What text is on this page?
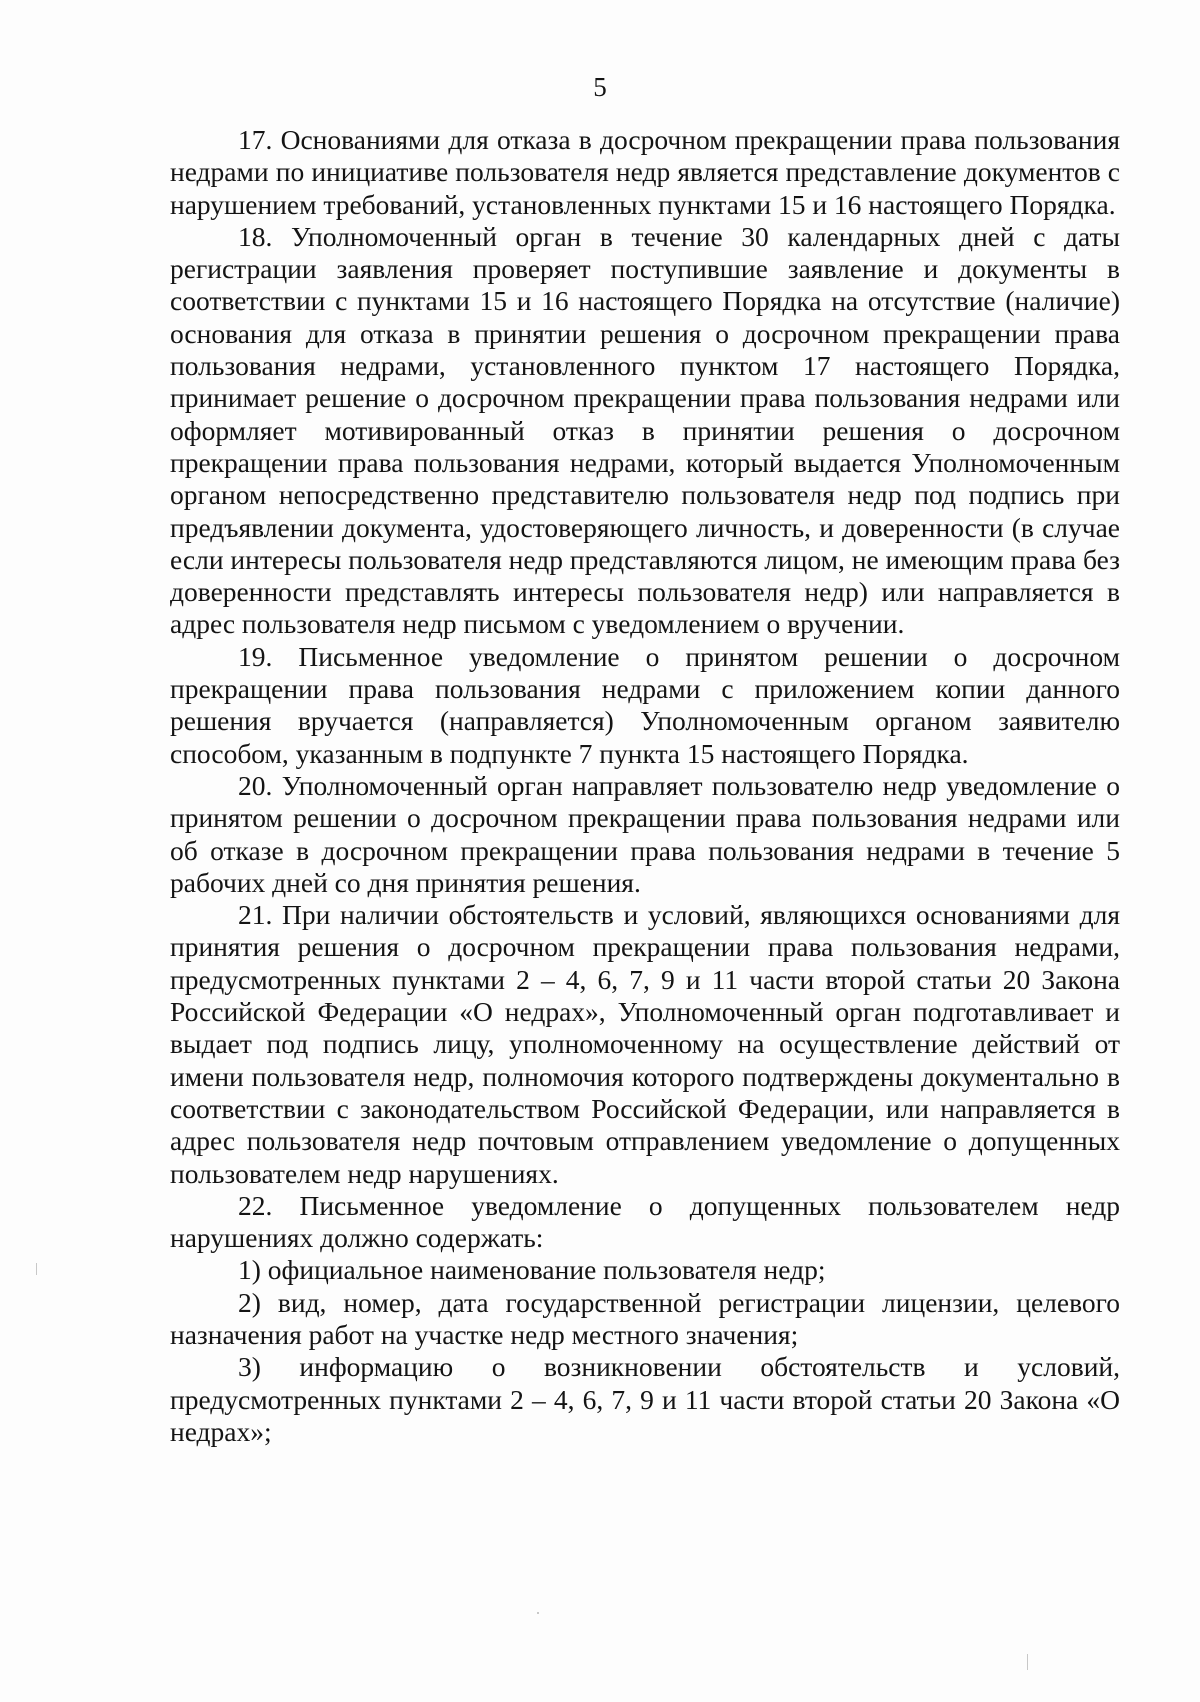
5

17. Основаниями для отказа в досрочном прекращении права пользования недрами по инициативе пользователя недр является представление документов с нарушением требований, установленных пунктами 15 и 16 настоящего Порядка.

18. Уполномоченный орган в течение 30 календарных дней с даты регистрации заявления проверяет поступившие заявление и документы в соответствии с пунктами 15 и 16 настоящего Порядка на отсутствие (наличие) основания для отказа в принятии решения о досрочном прекращении права пользования недрами, установленного пунктом 17 настоящего Порядка, принимает решение о досрочном прекращении права пользования недрами или оформляет мотивированный отказ в принятии решения о досрочном прекращении права пользования недрами, который выдается Уполномоченным органом непосредственно представителю пользователя недр под подпись при предъявлении документа, удостоверяющего личность, и доверенности (в случае если интересы пользователя недр представляются лицом, не имеющим права без доверенности представлять интересы пользователя недр) или направляется в адрес пользователя недр письмом с уведомлением о вручении.

19. Письменное уведомление о принятом решении о досрочном прекращении права пользования недрами с приложением копии данного решения вручается (направляется) Уполномоченным органом заявителю способом, указанным в подпункте 7 пункта 15 настоящего Порядка.

20. Уполномоченный орган направляет пользователю недр уведомление о принятом решении о досрочном прекращении права пользования недрами или об отказе в досрочном прекращении права пользования недрами в течение 5 рабочих дней со дня принятия решения.

21. При наличии обстоятельств и условий, являющихся основаниями для принятия решения о досрочном прекращении права пользования недрами, предусмотренных пунктами 2 – 4, 6, 7, 9 и 11 части второй статьи 20 Закона Российской Федерации «О недрах», Уполномоченный орган подготавливает и выдает под подпись лицу, уполномоченному на осуществление действий от имени пользователя недр, полномочия которого подтверждены документально в соответствии с законодательством Российской Федерации, или направляется в адрес пользователя недр почтовым отправлением уведомление о допущенных пользователем недр нарушениях.

22. Письменное уведомление о допущенных пользователем недр нарушениях должно содержать:

1) официальное наименование пользователя недр;

2) вид, номер, дата государственной регистрации лицензии, целевого назначения работ на участке недр местного значения;

3) информацию о возникновении обстоятельств и условий, предусмотренных пунктами 2 – 4, 6, 7, 9 и 11 части второй статьи 20 Закона «О недрах»;
